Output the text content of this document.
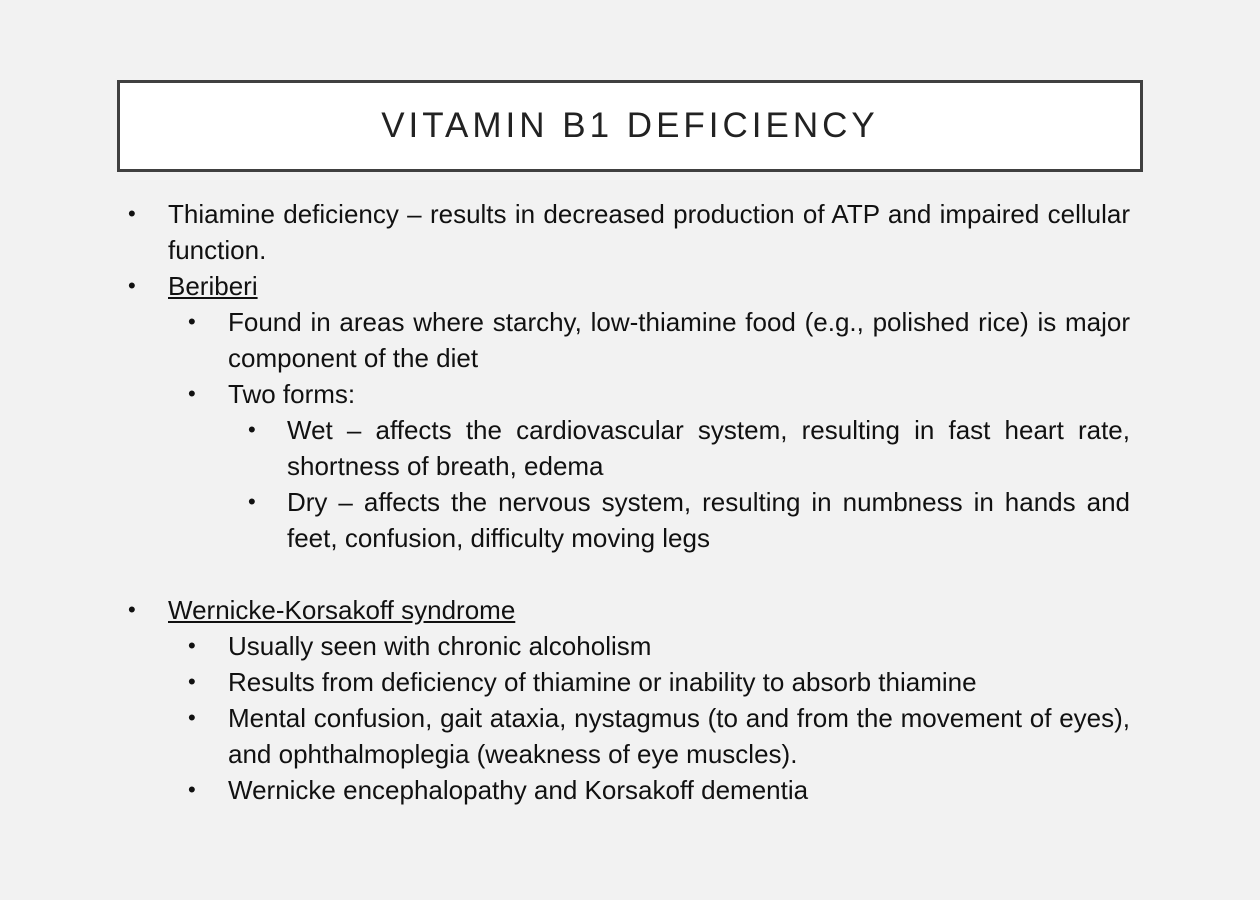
VITAMIN B1 DEFICIENCY
• Thiamine deficiency – results in decreased production of ATP and impaired cellular function.
• Beriberi
• Found in areas where starchy, low-thiamine food (e.g., polished rice) is major component of the diet
• Two forms:
• Wet – affects the cardiovascular system, resulting in fast heart rate, shortness of breath, edema
• Dry – affects the nervous system, resulting in numbness in hands and feet, confusion, difficulty moving legs
• Wernicke-Korsakoff syndrome
• Usually seen with chronic alcoholism
• Results from deficiency of thiamine or inability to absorb thiamine
• Mental confusion, gait ataxia, nystagmus (to and from the movement of eyes), and ophthalmoplegia (weakness of eye muscles).
• Wernicke encephalopathy and Korsakoff dementia
